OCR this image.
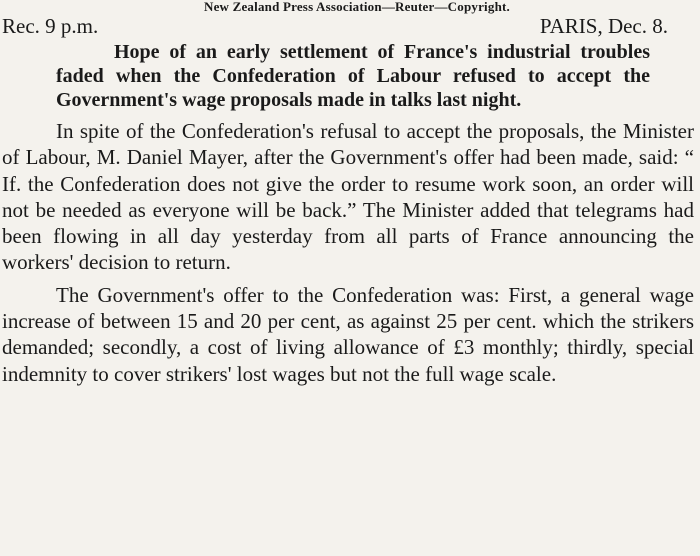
New Zealand Press Association—Reuter—Copyright.
Rec. 9 p.m.	PARIS, Dec. 8.

Hope of an early settlement of France's industrial troubles faded when the Confederation of Labour refused to accept the Government's wage proposals made in talks last night.

In spite of the Confederation's refusal to accept the proposals, the Minister of Labour, M. Daniel Mayer, after the Government's offer had been made, said: “ If. the Confederation does not give the order to resume work soon, an order will not be needed as everyone will be back.” The Minister added that telegrams had been flowing in all day yesterday from all parts of France announcing the workers' decision to return.

The Government's offer to the Confederation was: First, a general wage increase of between 15 and 20 per cent, as against 25 per cent. which the strikers demanded; secondly, a cost of living allowance of £3 monthly; thirdly, special indemnity to cover strikers' lost wages but not the full wage scale.
